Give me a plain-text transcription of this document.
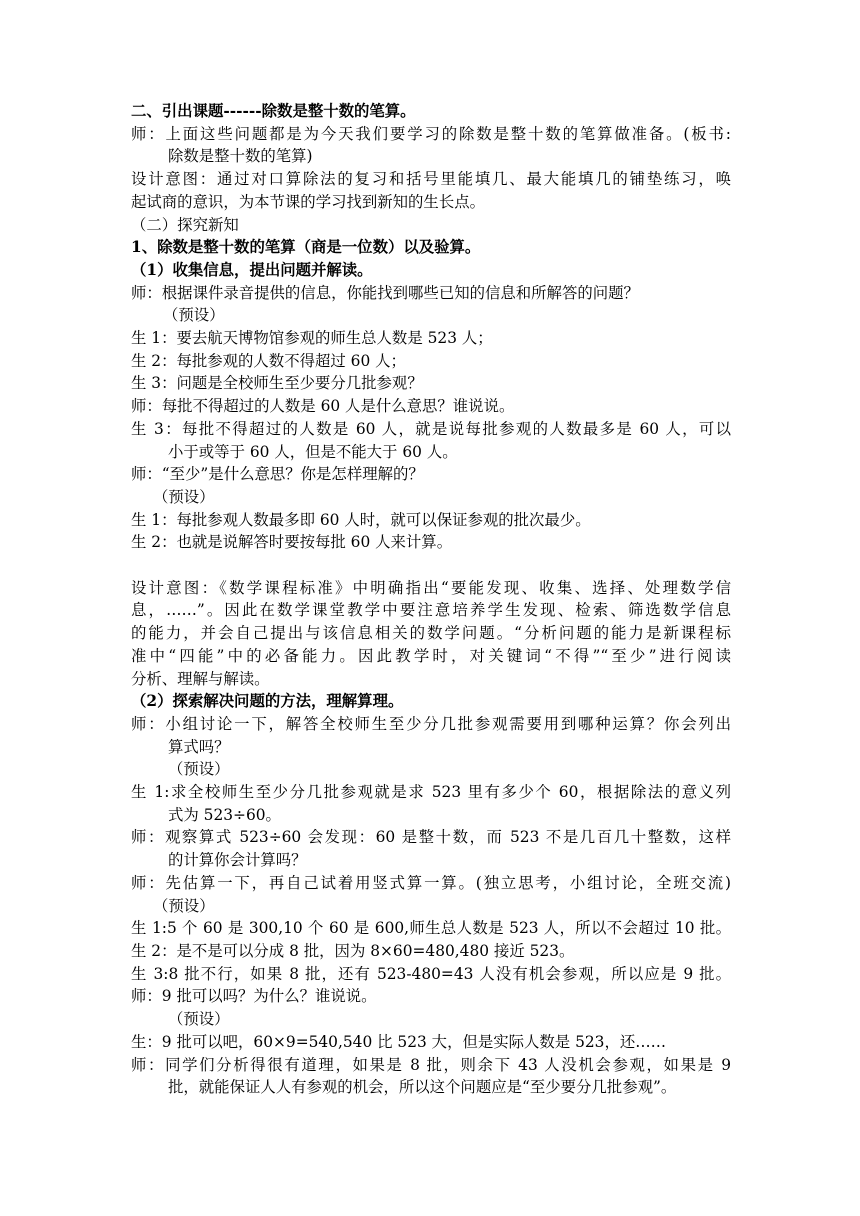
二、引出课题------除数是整十数的笔算。
师：上面这些问题都是为今天我们要学习的除数是整十数的笔算做准备。(板书:
除数是整十数的笔算)
设计意图：通过对口算除法的复习和括号里能填几、最大能填几的铺垫练习，唤
起试商的意识，为本节课的学习找到新知的生长点。
（二）探究新知
1、除数是整十数的笔算（商是一位数）以及验算。
（1）收集信息，提出问题并解读。
师：根据课件录音提供的信息，你能找到哪些已知的信息和所解答的问题？
（预设）
生 1：要去航天博物馆参观的师生总人数是 523 人；
生 2：每批参观的人数不得超过 60 人；
生 3：问题是全校师生至少要分几批参观？
师：每批不得超过的人数是 60 人是什么意思？谁说说。
生 3：每批不得超过的人数是 60 人，就是说每批参观的人数最多是 60 人，可以
小于或等于 60 人，但是不能大于 60 人。
师：“至少”是什么意思？你是怎样理解的？
（预设）
生 1：每批参观人数最多即 60 人时，就可以保证参观的批次最少。
生 2：也就是说解答时要按每批 60 人来计算。
设计意图：《数学课程标准》中明确指出“要能发现、收集、选择、处理数学信
息，……”。因此在数学课堂教学中要注意培养学生发现、检索、筛选数学信息
的能力，并会自己提出与该信息相关的数学问题。“分析问题的能力是新课程标
准中“四能”中的必备能力。因此教学时，对关键词“不得”“至少”进行阅读
分析、理解与解读。
（2）探索解决问题的方法，理解算理。
师：小组讨论一下，解答全校师生至少分几批参观需要用到哪种运算？你会列出
算式吗？
（预设）
生 1:求全校师生至少分几批参观就是求 523 里有多少个 60，根据除法的意义列
式为 523÷60。
师：观察算式 523÷60 会发现：60 是整十数，而 523 不是几百几十整数，这样
的计算你会计算吗？
师：先估算一下，再自己试着用竖式算一算。(独立思考，小组讨论，全班交流)
（预设）
生 1:5 个 60 是 300,10 个 60 是 600,师生总人数是 523 人，所以不会超过 10 批。
生 2：是不是可以分成 8 批，因为 8×60=480,480 接近 523。
生 3:8 批不行，如果 8 批，还有 523-480=43 人没有机会参观，所以应是 9 批。
师：9 批可以吗？为什么？谁说说。
（预设）
生：9 批可以吧，60×9=540,540 比 523 大，但是实际人数是 523，还……
师：同学们分析得很有道理，如果是 8 批，则余下 43 人没机会参观，如果是 9
批，就能保证人人有参观的机会，所以这个问题应是“至少要分几批参观”。
